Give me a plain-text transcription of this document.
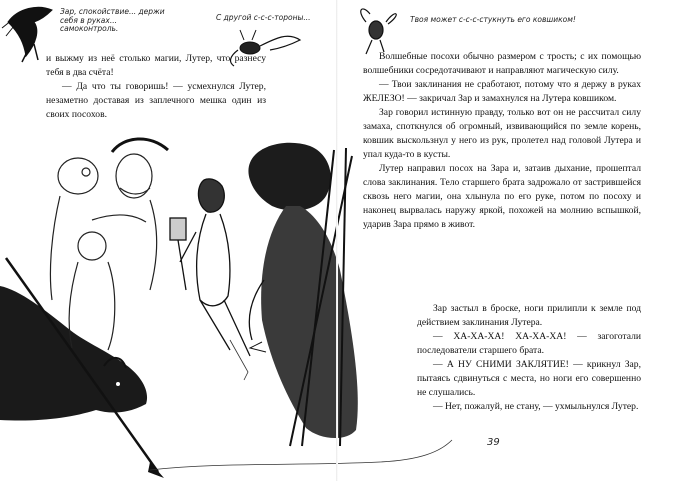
Зар, спокойствие... держи себя в руках... самоконтроль.
С другой с-с-с-тороны...	Твоя может с-с-с-стукнуть его ковшиком!

и выжму из неё столько магии, Лутер, что разнесу тебя в два счёта!

— Да что ты говоришь! — усмехнулся Лутер, незаметно доставая из заплечного мешка один из своих посохов.

Волшебные посохи обычно размером с трость; с их помощью волшебники сосредотачивают и направляют магическую силу.

— Твои заклинания не сработают, потому что я держу в руках ЖЕЛЕЗО! — закричал Зар и замахнулся на Лутера ковшиком.

Зар говорил истинную правду, только вот он не рассчитал силу замаха, споткнулся об огромный, извивающийся по земле корень, ковшик выскользнул у него из рук, пролетел над головой Лутера и упал куда-то в кусты.

Лутер направил посох на Зара и, затаив дыхание, прошептал слова заклинания. Тело старшего брата задрожало от застрившейся сквозь него магии, она хлынула по его руке, потом по посоху и наконец вырвалась наружу яркой, похожей на молнию вспышкой, ударив Зара прямо в живот.

Зар застыл в броске, ноги прилипли к земле под действием заклинания Лутера.

— ХА-ХА-ХА! ХА-ХА-ХА! — загоготали последователи старшего брата.

— А НУ СНИМИ ЗАКЛЯТИЕ! — крикнул Зар, пытаясь сдвинуться с места, но ноги его совершенно не слушались.

— Нет, пожалуй, не стану, — ухмыльнулся Лутер.

39
